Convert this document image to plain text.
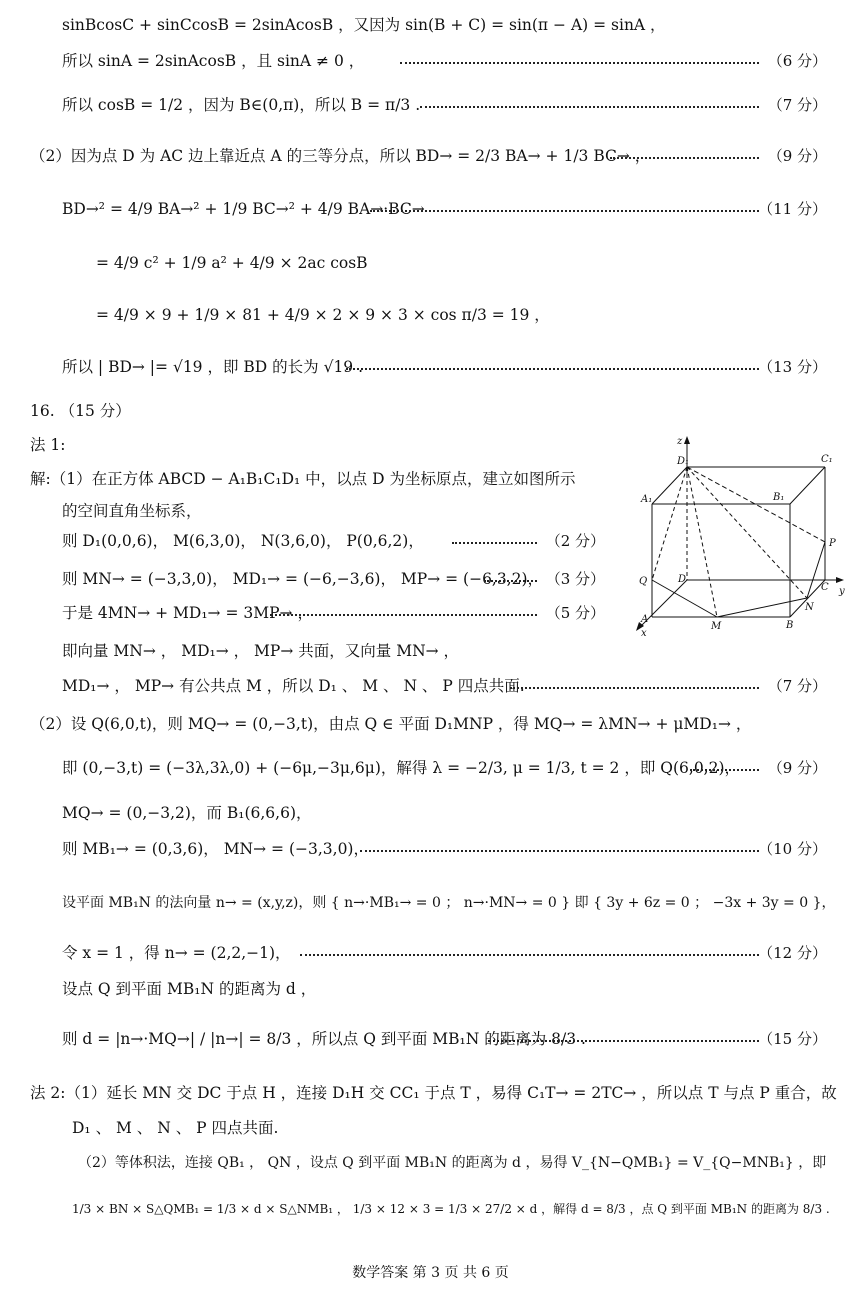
sinBcosC + sinCcosB = 2sinAcosB ，又因为 sin(B + C) = sin(π − A) = sinA ，
所以 sinA = 2sinAcosB ，且 sinA ≠ 0 ，	（6 分）
所以 cosB = 1/2 ，因为 B∈(0,π)，所以 B = π/3 .	（7 分）
（2）因为点 D 为 AC 边上靠近点 A 的三等分点，所以 BD→ = 2/3 BA→ + 1/3 BC→ ，	（9 分）
BD→² = 4/9 BA→² + 1/9 BC→² + 4/9 BA→·BC→	（11 分）
= 4/9 c² + 1/9 a² + 4/9 × 2ac cosB
= 4/9 × 9 + 1/9 × 81 + 4/9 × 2 × 9 × 3 × cos π/3 = 19 ，
所以 | BD→ |= √19 ，即 BD 的长为 √19 .	（13 分）
16. （15 分）
法 1:
解:（1）在正方体 ABCD − A₁B₁C₁D₁ 中，以点 D 为坐标原点，建立如图所示
的空间直角坐标系，
则 D₁(0,0,6)， M(6,3,0)， N(3,6,0)， P(0,6,2)，	（2 分）
则 MN→ = (−3,3,0)， MD₁→ = (−6,−3,6)， MP→ = (−6,3,2)， （3 分）
于是 4MN→ + MD₁→ = 3MP→ ，	（5 分）
即向量 MN→ ， MD₁→ ， MP→ 共面，又向量 MN→ ，
MD₁→ ， MP→ 有公共点 M ，所以 D₁ 、 M 、 N 、 P 四点共面.	（7 分）
（2）设 Q(6,0,t)，则 MQ→ = (0,−3,t)，由点 Q ∈ 平面 D₁MNP ，得 MQ→ = λMN→ + μMD₁→ ，
即 (0,−3,t) = (−3λ,3λ,0) + (−6μ,−3μ,6μ)，解得 λ = −2/3, μ = 1/3, t = 2 ，即 Q(6,0,2)， （9 分）
MQ→ = (0,−3,2)，而 B₁(6,6,6)，
则 MB₁→ = (0,3,6)， MN→ = (−3,3,0)，	（10 分）
设平面 MB₁N 的法向量 n→ = (x,y,z)，则 { n→·MB₁→ = 0 ； n→·MN→ = 0 } 即 { 3y + 6z = 0 ； −3x + 3y = 0 }，
令 x = 1 ，得 n→ = (2,2,−1)，	（12 分）
设点 Q 到平面 MB₁N 的距离为 d ，
则 d = |n→·MQ→| / |n→| = 8/3 ，所以点 Q 到平面 MB₁N 的距离为 8/3 .	（15 分）
法 2:（1）延长 MN 交 DC 于点 H ，连接 D₁H 交 CC₁ 于点 T ，易得 C₁T→ = 2TC→ ，所以点 T 与点 P 重合，故
D₁ 、 M 、 N 、 P 四点共面.
（2）等体积法，连接 QB₁ ， QN ，设点 Q 到平面 MB₁N 的距离为 d ，易得 V_{N−QMB₁} = V_{Q−MNB₁} ，即
1/3 × BN × S△QMB₁ = 1/3 × d × S△NMB₁ ， 1/3 × 12 × 3 = 1/3 × 27/2 × d ，解得 d = 8/3 ，点 Q 到平面 MB₁N 的距离为 8/3 .
z
y
x
D₁	C₁
A₁	B₁
P
Q	D
C
N
A
M	B
数学答案 第 3 页 共 6 页
